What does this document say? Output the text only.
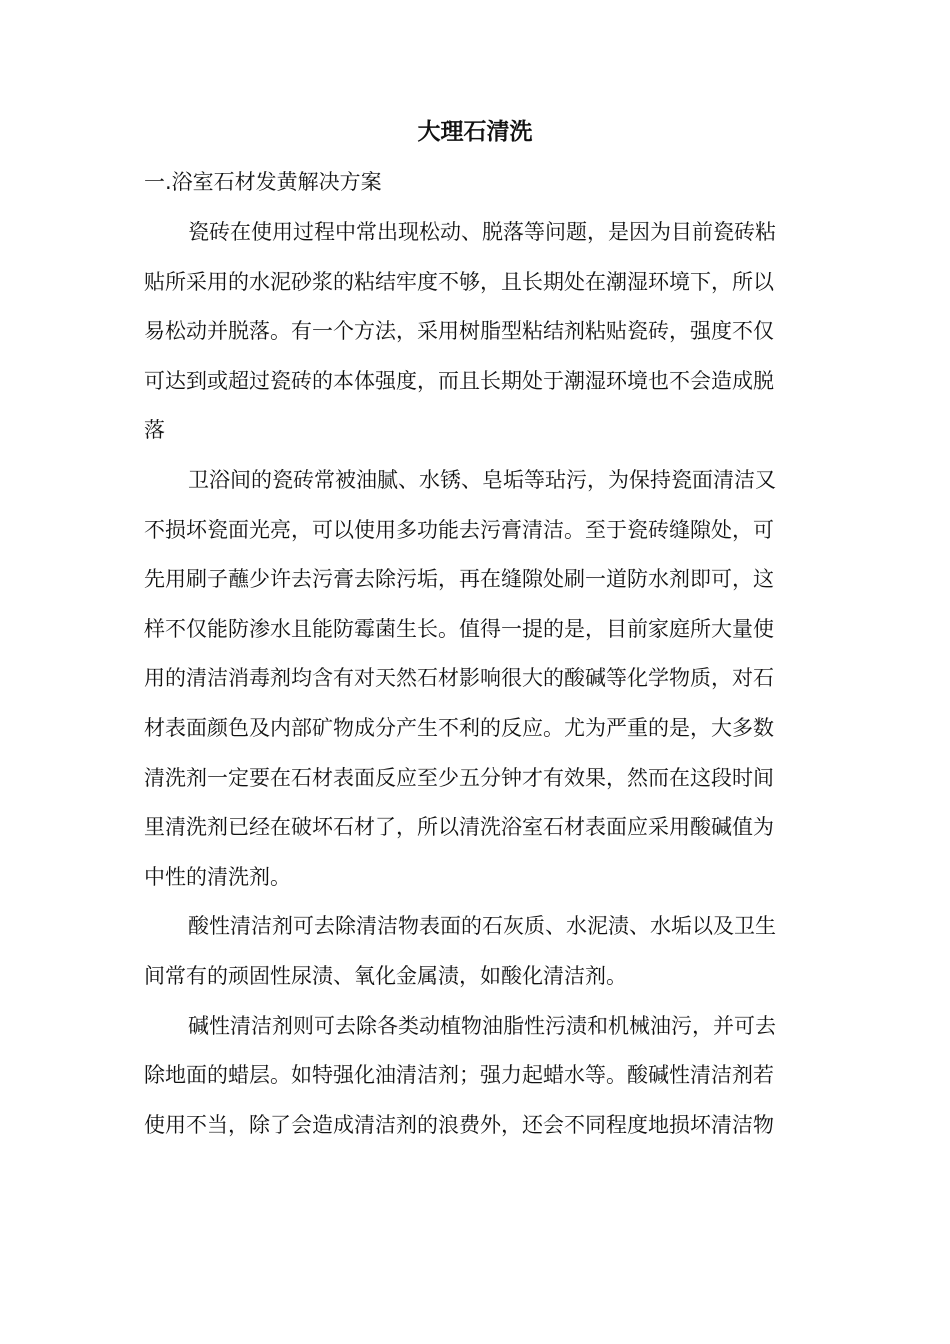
大理石清洗
一.浴室石材发黄解决方案
瓷砖在使用过程中常出现松动、脱落等问题，是因为目前瓷砖粘
贴所采用的水泥砂浆的粘结牢度不够，且长期处在潮湿环境下，所以
易松动并脱落。有一个方法，采用树脂型粘结剂粘贴瓷砖，强度不仅
可达到或超过瓷砖的本体强度，而且长期处于潮湿环境也不会造成脱
落
卫浴间的瓷砖常被油腻、水锈、皂垢等玷污，为保持瓷面清洁又
不损坏瓷面光亮，可以使用多功能去污膏清洁。至于瓷砖缝隙处，可
先用刷子蘸少许去污膏去除污垢，再在缝隙处刷一道防水剂即可，这
样不仅能防渗水且能防霉菌生长。值得一提的是，目前家庭所大量使
用的清洁消毒剂均含有对天然石材影响很大的酸碱等化学物质，对石
材表面颜色及内部矿物成分产生不利的反应。尤为严重的是，大多数
清洗剂一定要在石材表面反应至少五分钟才有效果，然而在这段时间
里清洗剂已经在破坏石材了，所以清洗浴室石材表面应采用酸碱值为
中性的清洗剂。
酸性清洁剂可去除清洁物表面的石灰质、水泥渍、水垢以及卫生
间常有的顽固性尿渍、氧化金属渍，如酸化清洁剂。
碱性清洁剂则可去除各类动植物油脂性污渍和机械油污，并可去
除地面的蜡层。如特强化油清洁剂；强力起蜡水等。酸碱性清洁剂若
使用不当，除了会造成清洁剂的浪费外，还会不同程度地损坏清洁物
